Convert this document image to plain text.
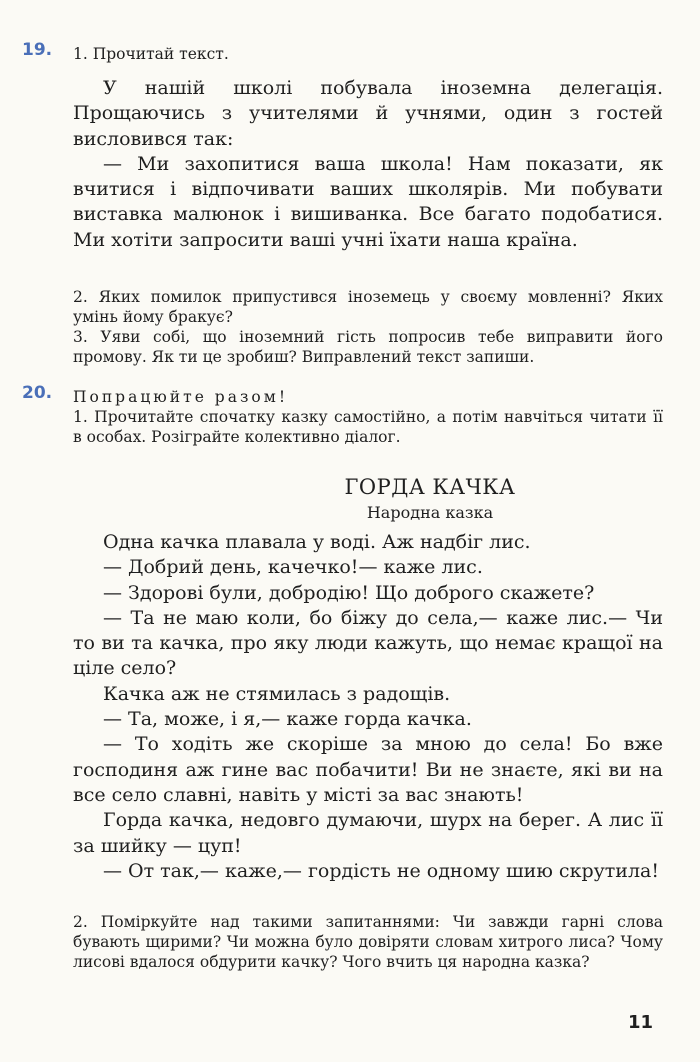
19. 1. Прочитай текст.

У нашій школі побувала іноземна делегація. Прощаючись з учителями й учнями, один з гостей висловився так:

— Ми захопитися ваша школа! Нам показати, як вчитися і відпочивати ваших школярів. Ми побувати виставка малюнок і вишиванка. Все багато подобатися. Ми хотіти запросити ваші учні їхати наша країна.

2. Яких помилок припустився іноземець у своєму мовленні? Яких умінь йому бракує?

3. Уяви собі, що іноземний гість попросив тебе виправити його промову. Як ти це зробиш? Виправлений текст запиши.

20. Попрацюйте разом!

1. Прочитайте спочатку казку самостійно, а потім навчіться читати її в особах. Розіграйте колективно діалог.

ГОРДА КАЧКА
Народна казка

Одна качка плавала у воді. Аж надбіг лис.

— Добрий день, качечко!— каже лис.

— Здорові були, добродію! Що доброго скажете?

— Та не маю коли, бо біжу до села,— каже лис.— Чи то ви та качка, про яку люди кажуть, що немає кращої на ціле село?

Качка аж не стямилась з радощів.

— Та, може, і я,— каже горда качка.

— То ходіть же скоріше за мною до села! Бо вже господиня аж гине вас побачити! Ви не знаєте, які ви на все село славні, навіть у місті за вас знають!

Горда качка, недовго думаючи, шурх на берег. А лис її за шийку — цуп!

— От так,— каже,— гордість не одному шию скрутила!

2. Поміркуйте над такими запитаннями: Чи завжди гарні слова бувають щирими? Чи можна було довіряти словам хитрого лиса? Чому лисові вдалося обдурити качку? Чого вчить ця народна казка?

11
